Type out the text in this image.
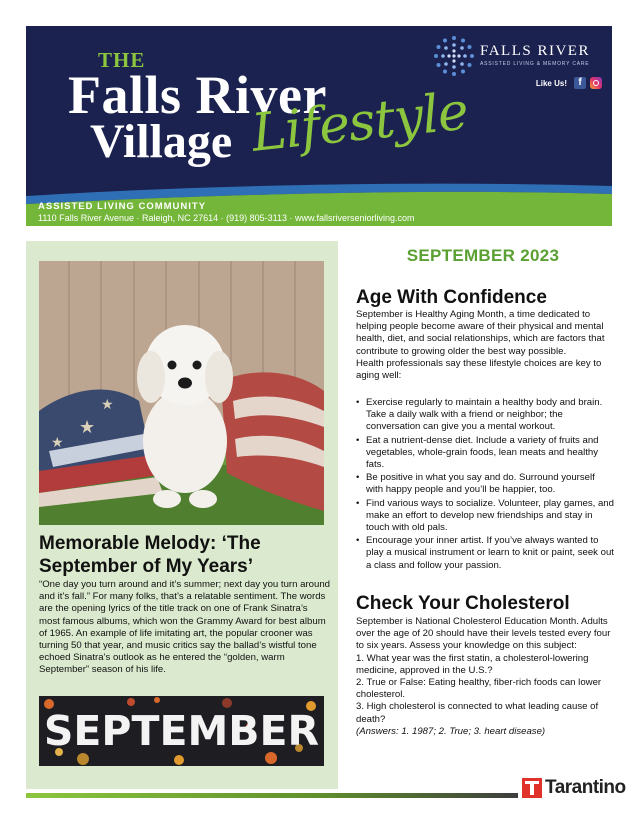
THE
Falls River
Village Lifestyle
ASSISTED LIVING COMMUNITY
1110 Falls River Avenue · Raleigh, NC 27614 · (919) 805-3113 · www.fallsriverseniorliving.com
FALLS RIVER
ASSISTED LIVING & MEMORY CARE
Like Us!	f
★
★
★
Memorable Melody: ‘The September of My Years’
“One day you turn around and it’s summer; next day you turn around and it’s fall.” For many folks, that’s a relatable sentiment. The words are the opening lyrics of the title track on one of Frank Sinatra’s most famous albums, which won the Grammy Award for best album of 1965. An example of life imitating art, the popular crooner was turning 50 that year, and music critics say the ballad’s wistful tone echoed Sinatra’s outlook as he entered the “golden, warm September” season of his life.
SEPTEMBER
SEPTEMBER 2023
Age With Confidence
September is Healthy Aging Month, a time dedicated to helping people become aware of their physical and mental health, diet, and social relationships, which are factors that contribute to growing older the best way possible.
Health professionals say these lifestyle choices are key to aging well:
• Exercise regularly to maintain a healthy body and brain. Take a daily walk with a friend or neighbor; the conversation can give you a mental workout.
• Eat a nutrient-dense diet. Include a variety of fruits and vegetables, whole-grain foods, lean meats and healthy fats.
• Be positive in what you say and do. Surround yourself with happy people and you’ll be happier, too.
• Find various ways to socialize. Volunteer, play games, and make an effort to develop new friendships and stay in touch with old pals.
• Encourage your inner artist. If you’ve always wanted to play a musical instrument or learn to knit or paint, seek out a class and follow your passion.
Check Your Cholesterol
September is National Cholesterol Education Month. Adults over the age of 20 should have their levels tested every four to six years. Assess your knowledge on this subject:
1. What year was the first statin, a cholesterol-lowering medicine, approved in the U.S.?
2. True or False: Eating healthy, fiber-rich foods can lower cholesterol.
3. High cholesterol is connected to what leading cause of death?
(Answers: 1. 1987; 2. True; 3. heart disease)
Tarantino
